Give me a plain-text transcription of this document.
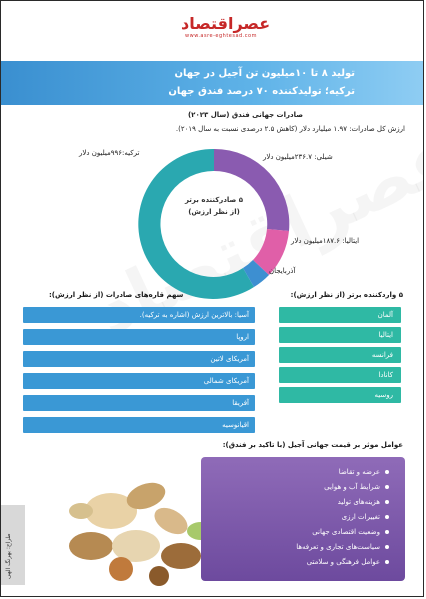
عصراقتصاد
www.asre-eghtesad.com
تولید ۸ تا ۱۰میلیون تن آجیل در جهان
ترکیه؛ تولیدکننده ۷۰ درصد فندق جهان
صادرات جهانی فندق (سال ۲۰۲۳)
ارزش کل صادرات: ۱.۹۷ میلیارد دلار (کاهش ۲.۵ درصدی نسبت به سال ۲۰۱۹).
۵ صادرکننده برتر
(از نظر ارزش)
ترکیه:۹۹۶میلیون دلار	شیلی: ۲۳۶.۷میلیون دلار
ایتالیا: ۱۸۷.۶میلیون دلار
آذربایجان
۵ واردکننده برتر (از نظر ارزش):
آلمان
ایتالیا
فرانسه
کانادا
روسیه
سهم قاره‌های صادرات (از نظر ارزش):
آسیا: بالاترین ارزش (اشاره به ترکیه).
اروپا
آمریکای لاتین
آمریکای شمالی
آفریقا
اقیانوسیه
عوامل موثر بر قیمت جهانی آجیل (با تاکید بر فندق):
عرضه و تقاضا
شرایط آب و هوایی
هزینه‌های تولید
تغییرات ارزی
وضعیت اقتصادی جهانی
سیاست‌های تجاری و تعرفه‌ها
عوامل فرهنگی و سلامتی
طراح: بهرنگ الهی
